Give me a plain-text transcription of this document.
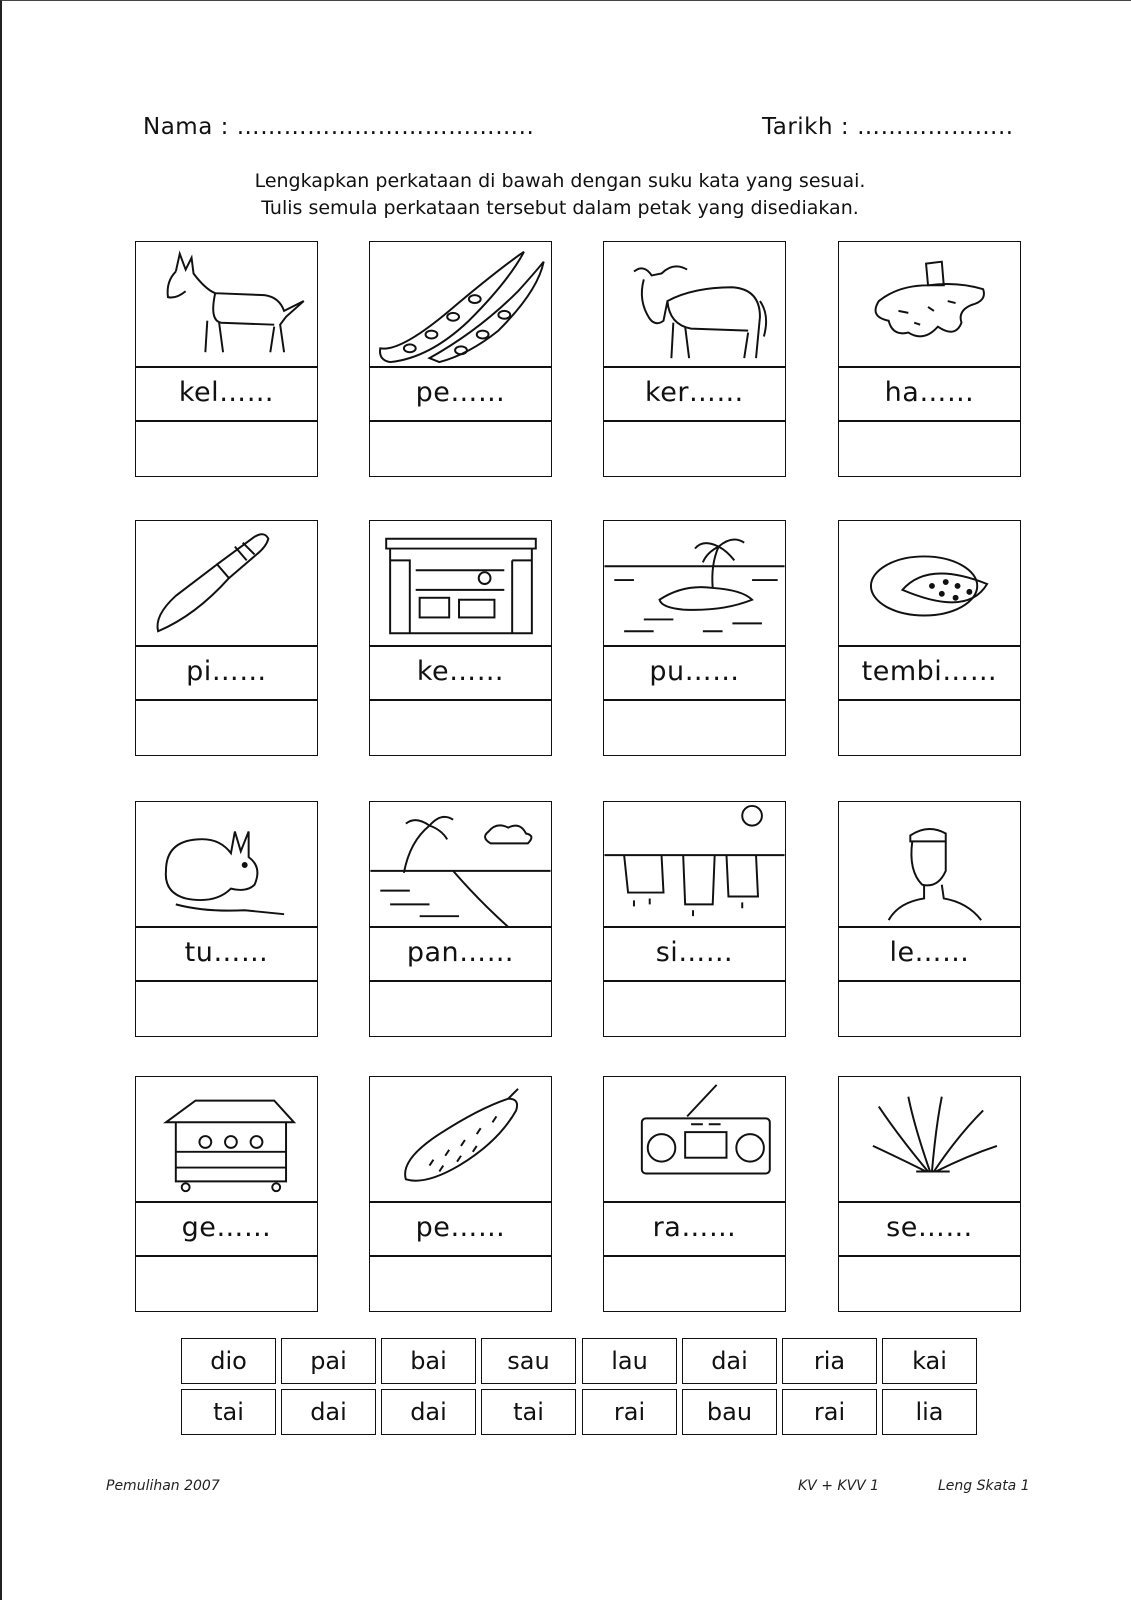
Nama : ………………………………..	Tarikh : ………………..
Lengkapkan perkataan di bawah dengan suku kata yang sesuai.
Tulis semula perkataan tersebut dalam petak yang disediakan.
kel……	pe……	ker……	ha……
pi……	ke……	pu……	tembi……
tu……	pan……	si……	le……
ge……	pe……	ra……	se……
dio	pai	bai	sau	lau	dai	ria	kai
tai	dai	dai	tai	rai	bau	rai	lia
Pemulihan 2007	KV + KVV 1	Leng Skata 1
